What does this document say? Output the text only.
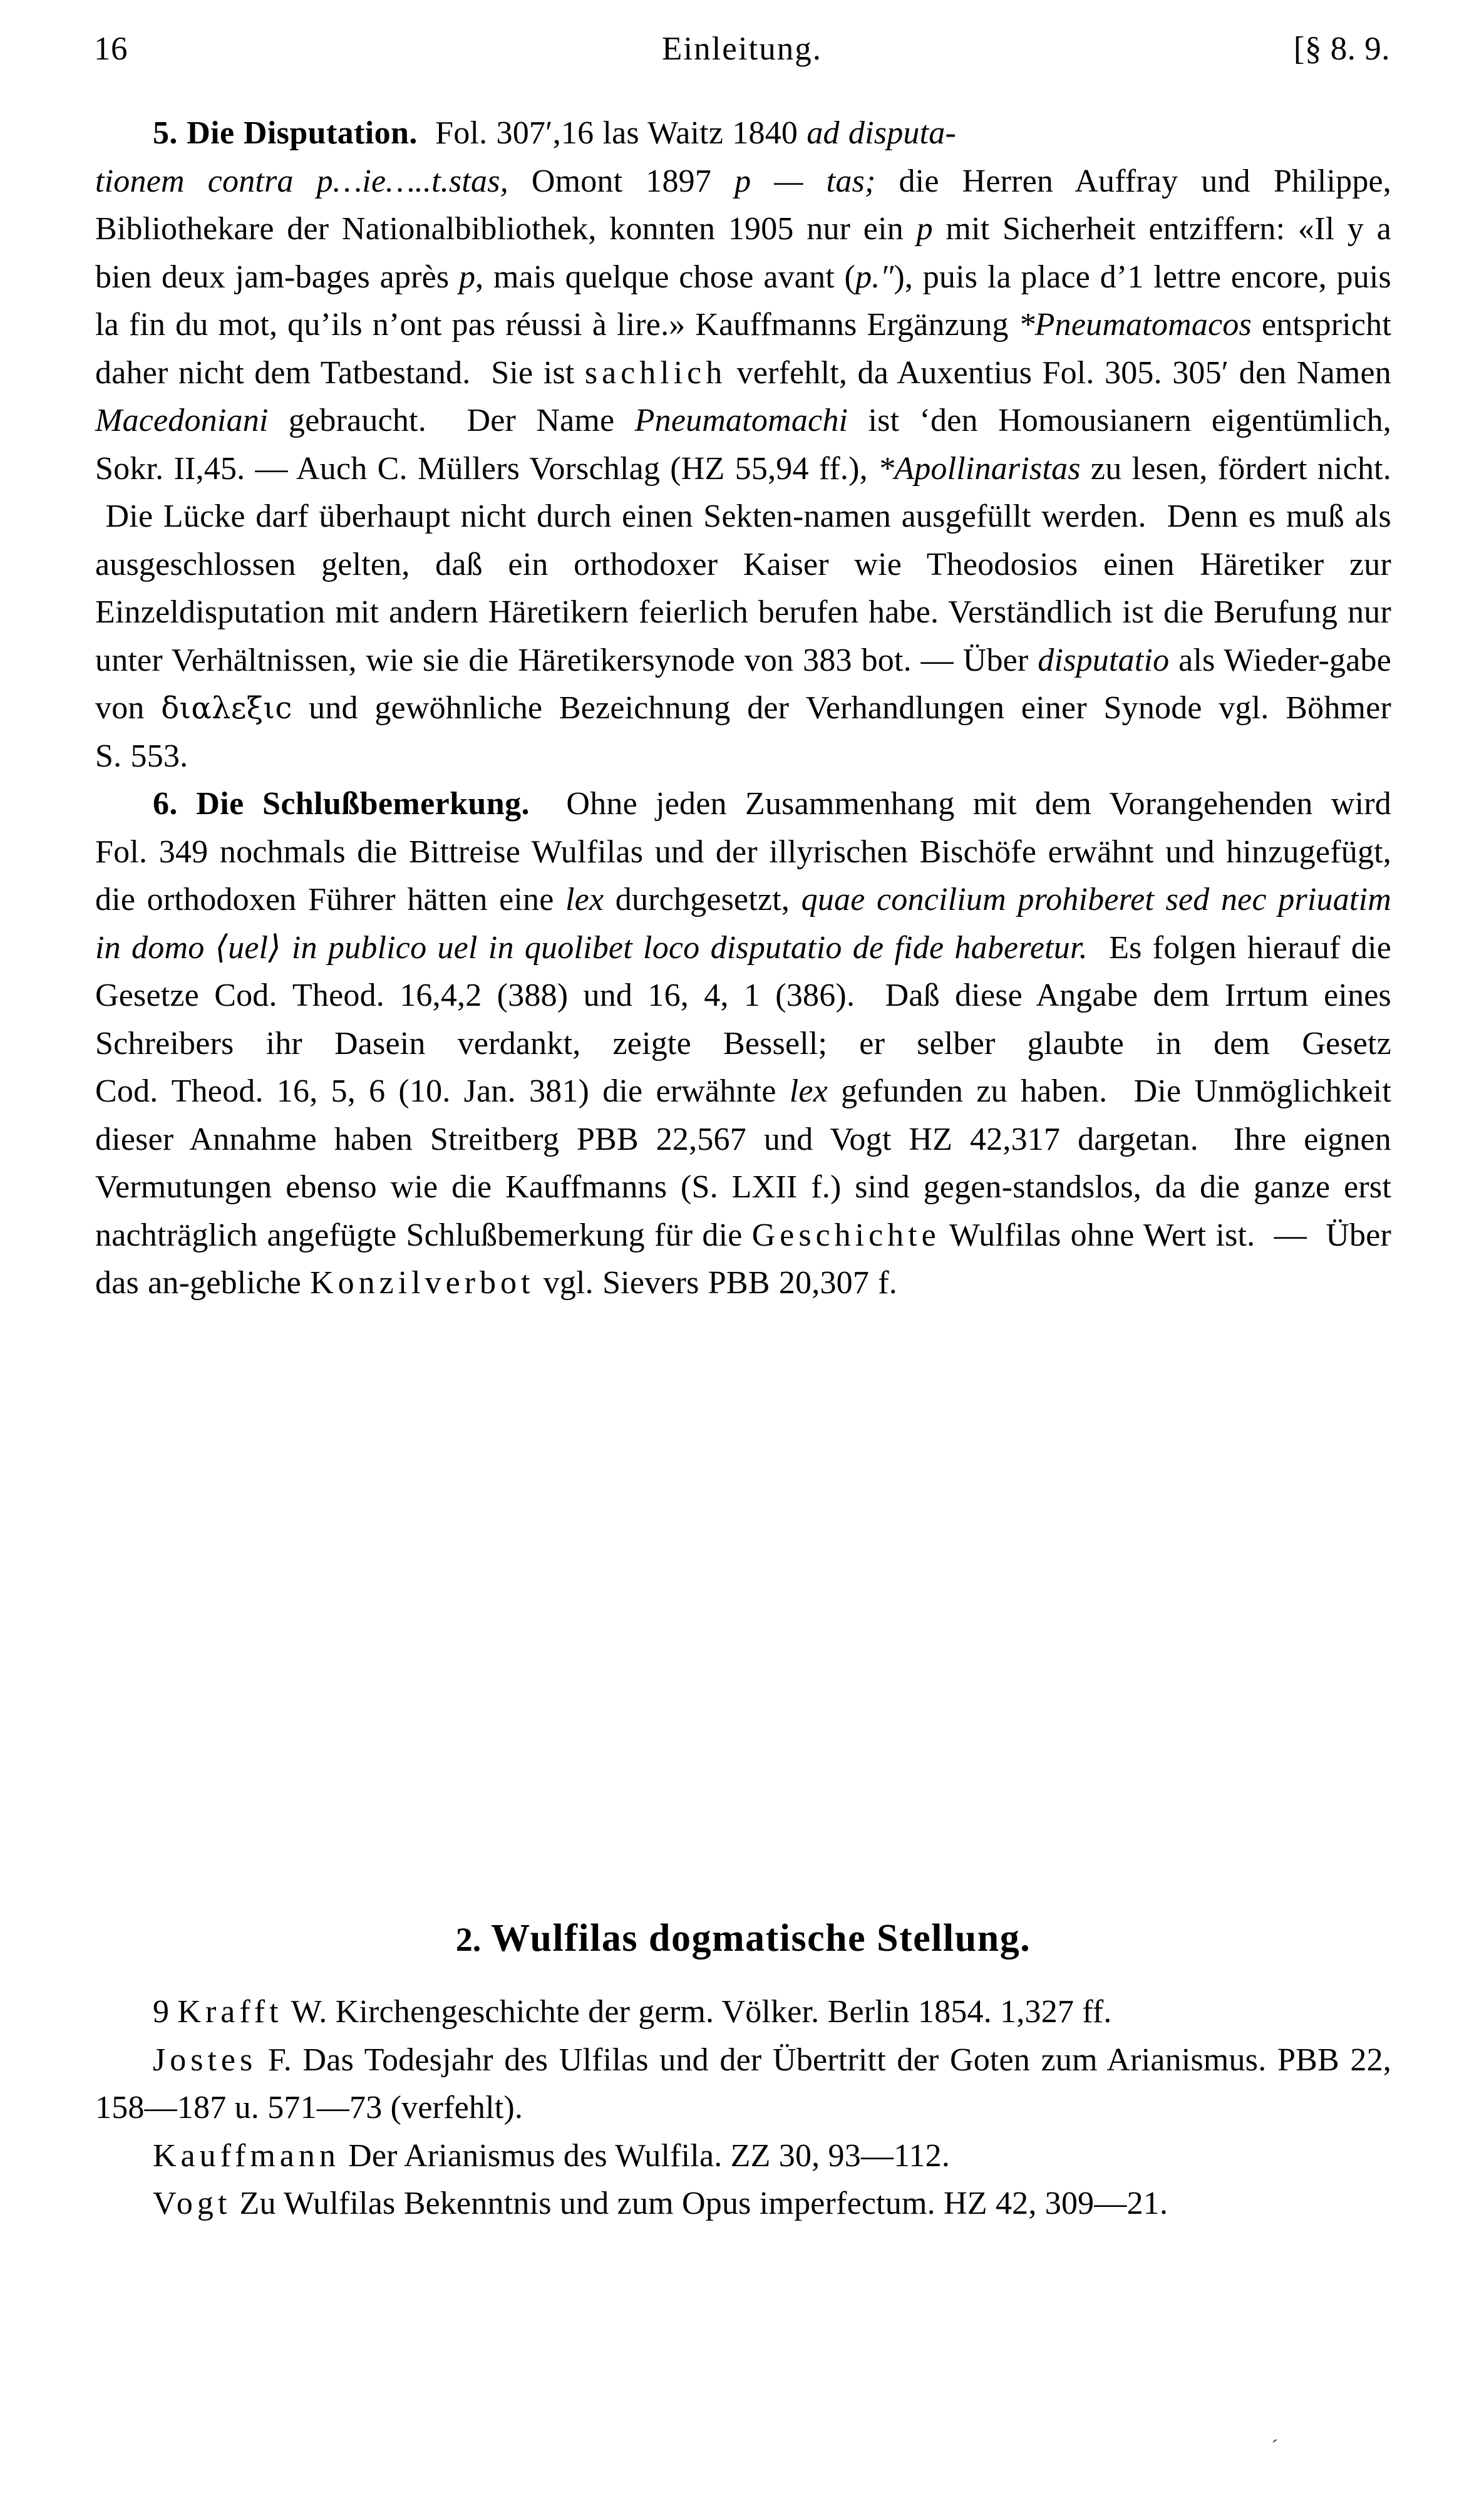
16	Einleitung.	[§ 8. 9.

5. Die Disputation.  Fol. 307′,16 las Waitz 1840 ad disputa-
tionem contra p…ie…..t.stas, Omont 1897 p — tas; die Herren Auffray und Philippe, Bibliothekare der Nationalbibliothek, konnten 1905 nur ein p mit Sicherheit entziffern: «Il y a bien deux jam-bages après p, mais quelque chose avant (p.″), puis la place d’1 lettre encore, puis la fin du mot, qu’ils n’ont pas réussi à lire.» Kauffmanns Ergänzung *Pneumatomacos entspricht daher nicht dem Tatbestand.  Sie ist sachlich verfehlt, da Auxentius Fol. 305. 305′ den Namen Macedoniani gebraucht.  Der Name Pneumatomachi ist ‘den Homousianern eigentümlich, Sokr. II,45. — Auch C. Müllers Vorschlag (HZ 55,94 ff.), *Apollinaristas zu lesen, fördert nicht.  Die Lücke darf überhaupt nicht durch einen Sekten-namen ausgefüllt werden.  Denn es muß als ausgeschlossen gelten, daß ein orthodoxer Kaiser wie Theodosios einen Häretiker zur Einzeldisputation mit andern Häretikern feierlich berufen habe. Verständlich ist die Berufung nur unter Verhältnissen, wie sie die Häretikersynode von 383 bot. — Über disputatio als Wieder-gabe von διαλεξιϲ und gewöhnliche Bezeichnung der Verhandlungen einer Synode vgl. Böhmer S. 553.

6. Die Schlußbemerkung.  Ohne jeden Zusammenhang mit dem Vorangehenden wird Fol. 349 nochmals die Bittreise Wulfilas und der illyrischen Bischöfe erwähnt und hinzugefügt, die orthodoxen Führer hätten eine lex durchgesetzt, quae concilium prohiberet sed nec priuatim in domo ⟨uel⟩ in publico uel in quolibet loco disputatio de fide haberetur.  Es folgen hierauf die Gesetze Cod. Theod. 16,4,2 (388) und 16, 4, 1 (386).  Daß diese Angabe dem Irrtum eines Schreibers ihr Dasein verdankt, zeigte Bessell; er selber glaubte in dem Gesetz Cod. Theod. 16, 5, 6 (10. Jan. 381) die erwähnte lex gefunden zu haben.  Die Unmöglichkeit dieser Annahme haben Streitberg PBB 22,567 und Vogt HZ 42,317 dargetan.  Ihre eignen Vermutungen ebenso wie die Kauffmanns (S. LXII f.) sind gegen-standslos, da die ganze erst nachträglich angefügte Schlußbemerkung für die Geschichte Wulfilas ohne Wert ist.  —  Über das an-gebliche Konzilverbot vgl. Sievers PBB 20,307 f.

2. Wulfilas dogmatische Stellung.

9 Krafft W. Kirchengeschichte der germ. Völker. Berlin 1854. 1,327 ff.

Jostes F. Das Todesjahr des Ulfilas und der Übertritt der Goten zum Arianismus. PBB 22, 158—187 u. 571—73 (verfehlt).

Kauffmann Der Arianismus des Wulfila. ZZ 30, 93—112.

Vogt Zu Wulfilas Bekenntnis und zum Opus imperfectum. HZ 42, 309—21.

´
